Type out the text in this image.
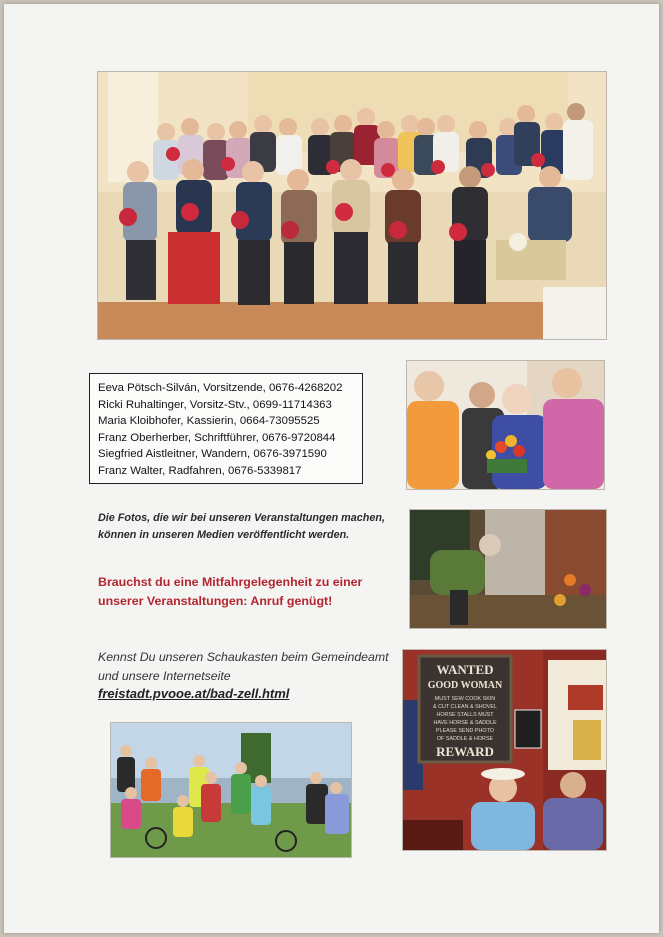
Eeva Pötsch-Silván, Vorsitzende, 0676-4268202
Ricki Ruhaltinger, Vorsitz-Stv., 0699-11714363
Maria Kloibhofer, Kassierin, 0664-73095525
Franz Oberherber, Schriftführer, 0676-9720844
Siegfried Aistleitner, Wandern, 0676-3971590
Franz Walter, Radfahren, 0676-5339817
Die Fotos, die wir bei unseren Veranstaltungen machen, können in unseren Medien veröffentlicht werden.
Brauchst du eine Mitfahrgelegenheit zu einer unserer Veranstaltungen: Anruf genügt!
Kennst Du unseren Schaukasten beim Gemeindeamt und unsere Internetseite
freistadt.pvooe.at/bad-zell.html
WANTED
GOOD WOMAN
MUST SEW COOK SKIN
& CUT CLEAN & SHOVEL
HORSE STALLS MUST
HAVE HORSE & SADDLE
PLEASE SEND PHOTO
OF SADDLE & HORSE
REWARD
